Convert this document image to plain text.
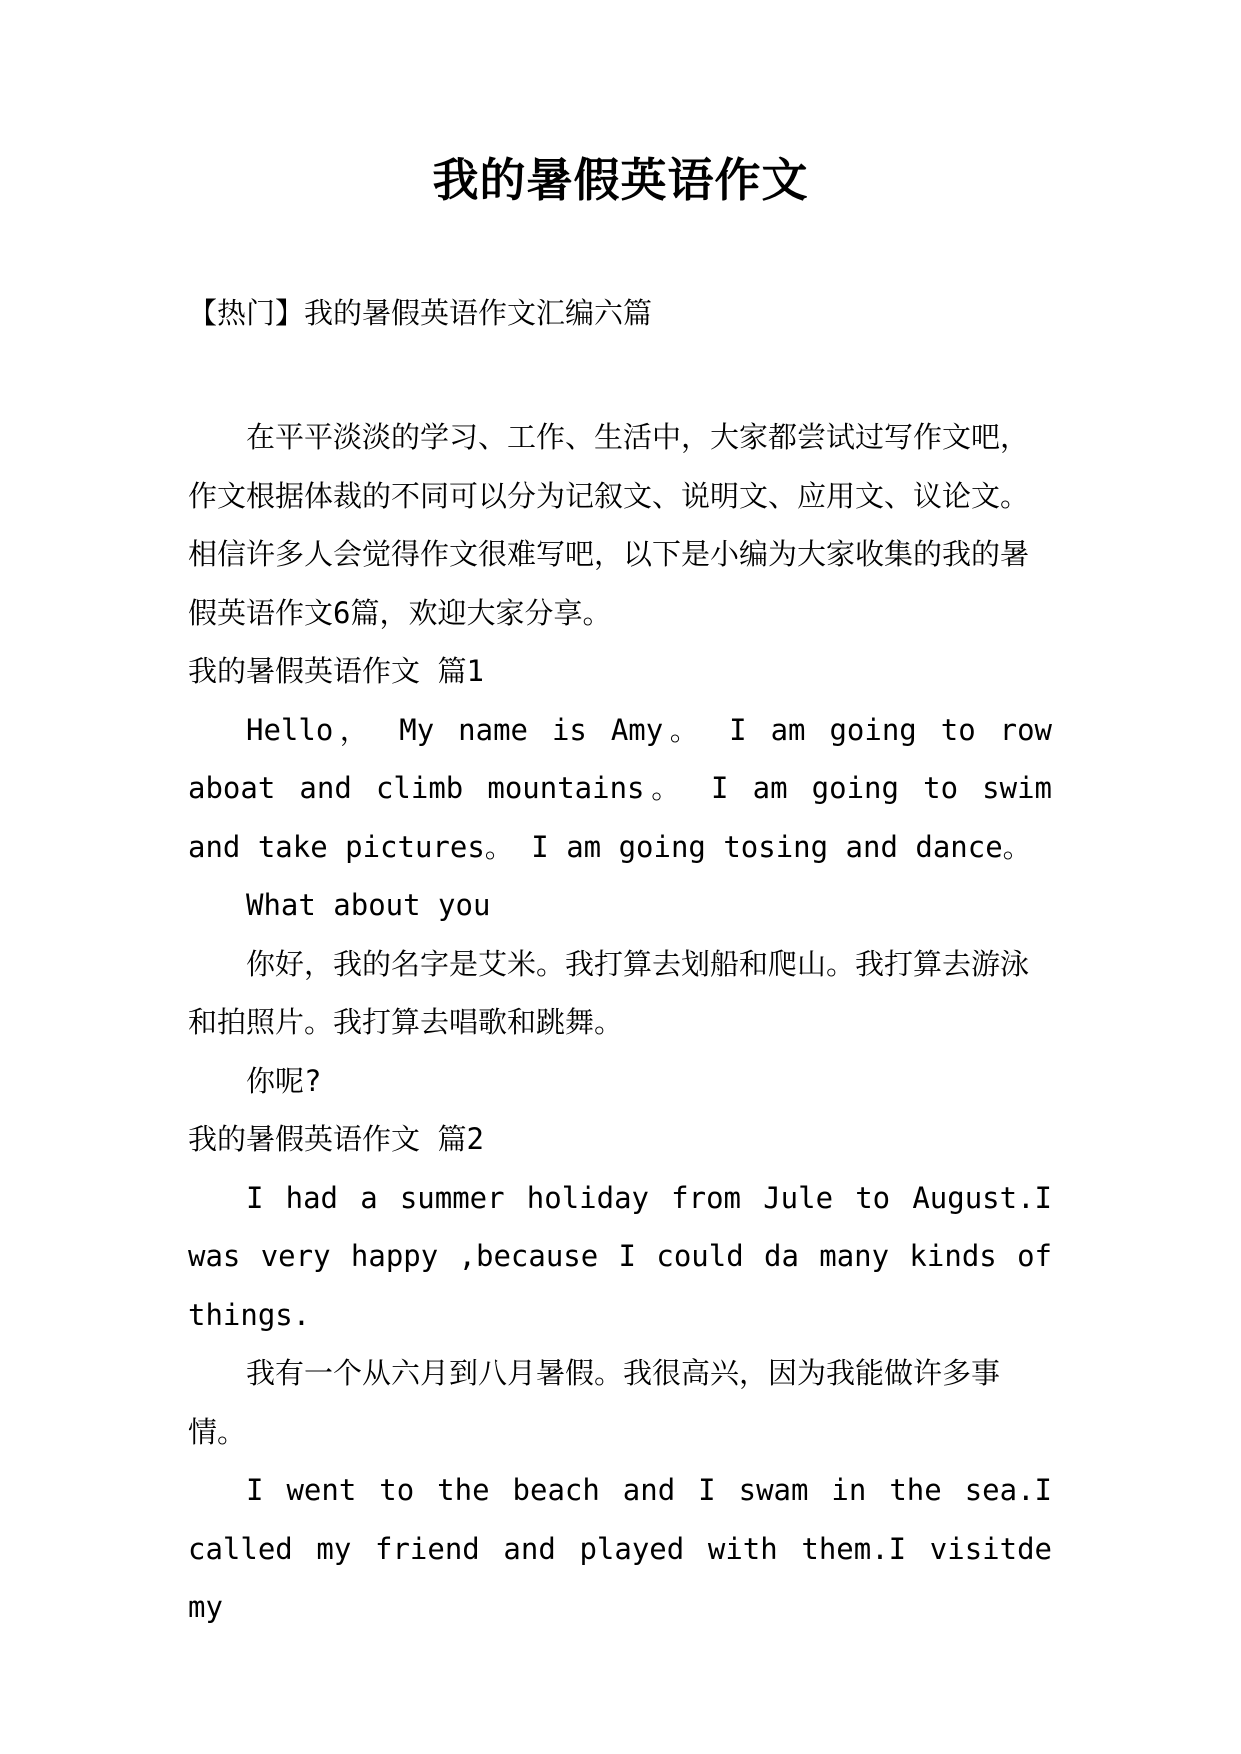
我的暑假英语作文
【热门】我的暑假英语作文汇编六篇

在平平淡淡的学习、工作、生活中，大家都尝试过写作文吧，作文根据体裁的不同可以分为记叙文、说明文、应用文、议论文。相信许多人会觉得作文很难写吧，以下是小编为大家收集的我的暑假英语作文6篇，欢迎大家分享。

我的暑假英语作文 篇1

Hello， My name is Amy。 I am going to row aboat and climb mountains。 I am going to swim and take pictures。 I am going tosing and dance。

What about you

你好，我的名字是艾米。我打算去划船和爬山。我打算去游泳和拍照片。我打算去唱歌和跳舞。

你呢?

我的暑假英语作文 篇2

I had a summer holiday from Jule to August.I was very happy ,because I could da many kinds of things.

我有一个从六月到八月暑假。我很高兴，因为我能做许多事情。

I went to the beach and I swam in the sea.I called my friend and played with them.I visitde my
